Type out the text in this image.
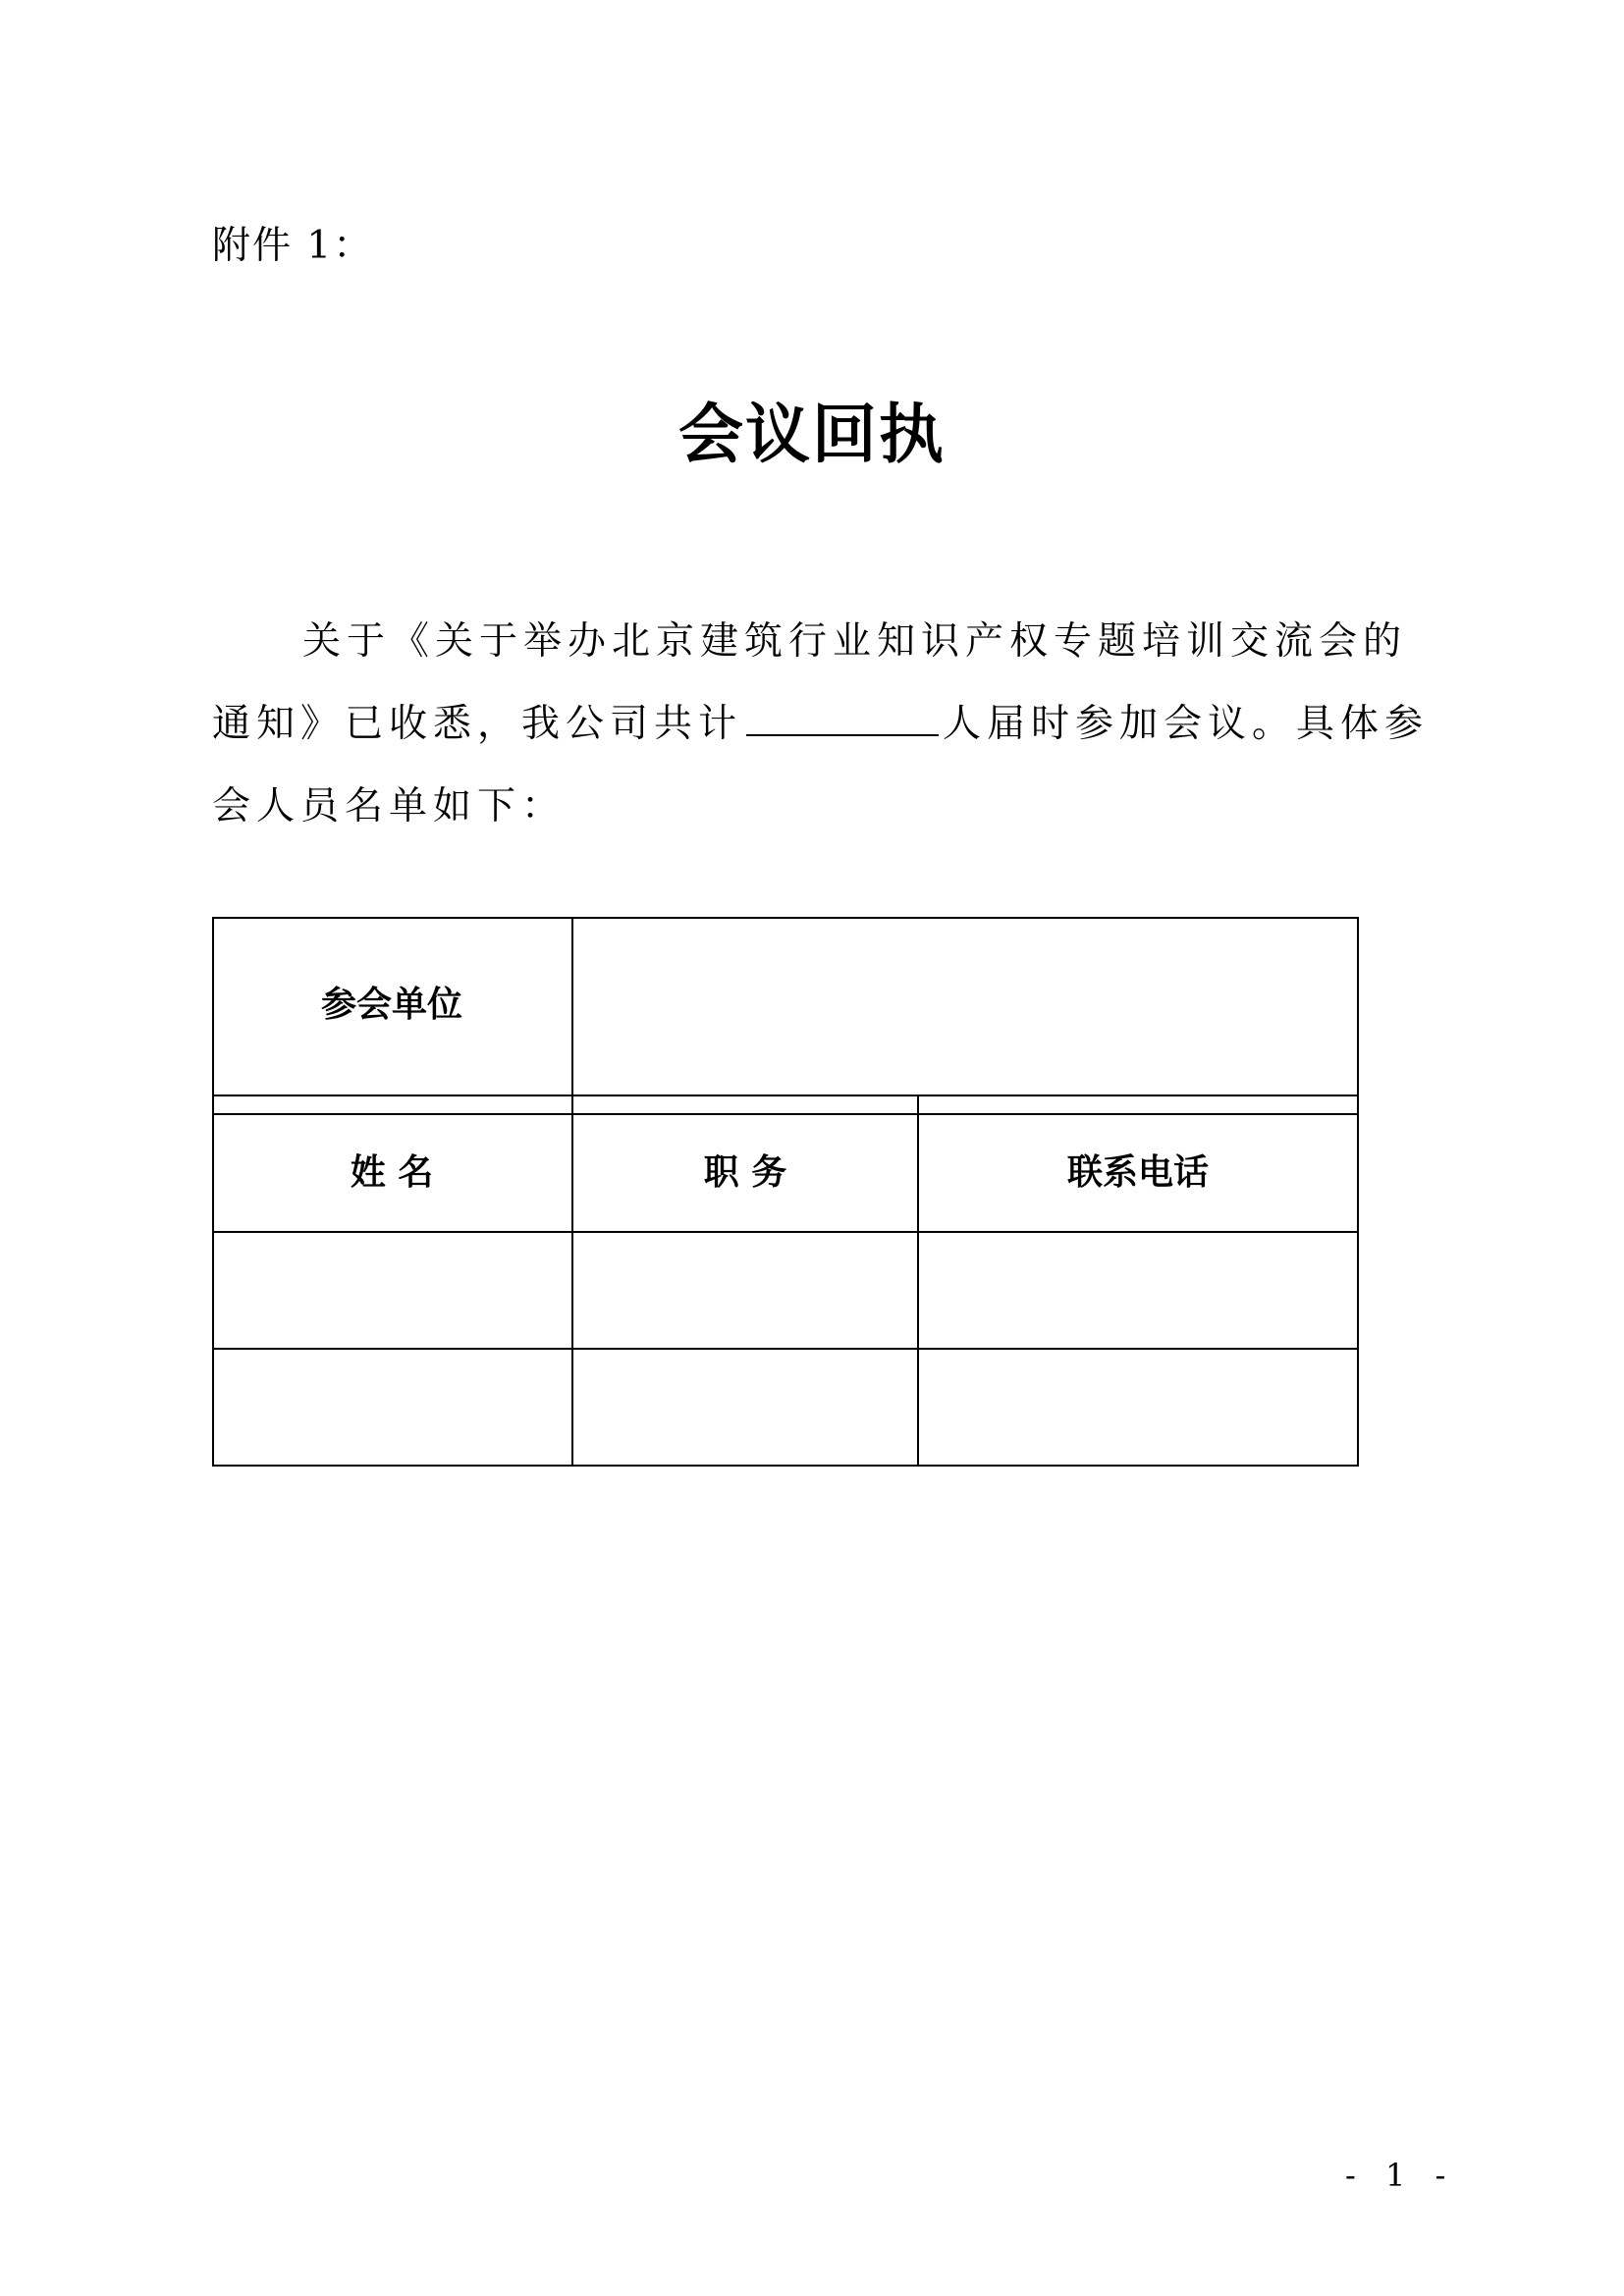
附件 1：
会议回执
关于《关于举办北京建筑行业知识产权专题培训交流会的
通知》已收悉，我公司共计	人届时参加会议。具体参
会人员名单如下：
参会单位
姓 名	职 务	联系电话
- 1 -
